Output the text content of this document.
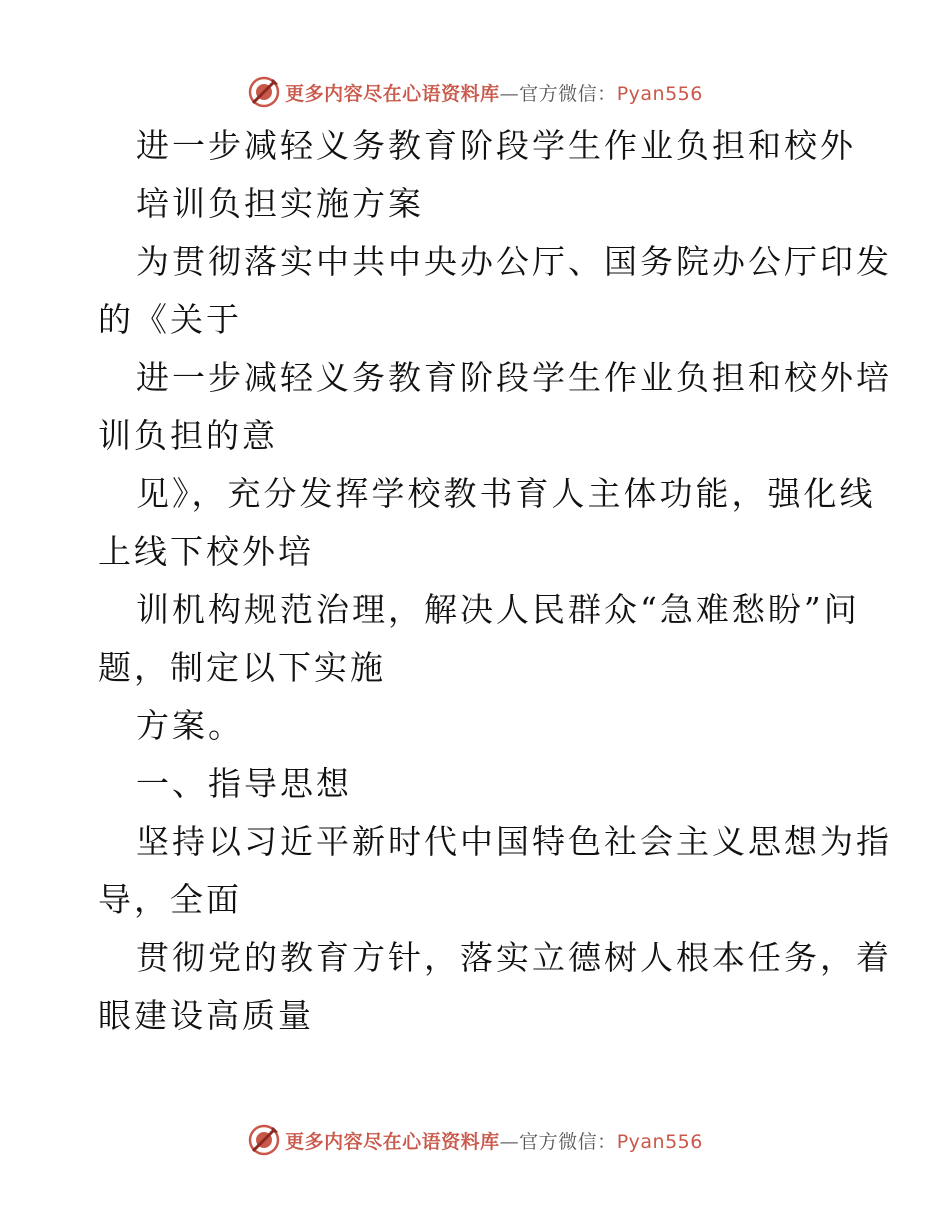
更多内容尽在心语资料库—官方微信：Pyan556
进一步减轻义务教育阶段学生作业负担和校外
培训负担实施方案
为贯彻落实中共中央办公厅、国务院办公厅印发
的《关于
进一步减轻义务教育阶段学生作业负担和校外培
训负担的意
见》，充分发挥学校教书育人主体功能，强化线
上线下校外培
训机构规范治理，解决人民群众“急难愁盼”问
题，制定以下实施
方案。
一、指导思想
坚持以习近平新时代中国特色社会主义思想为指
导，全面
贯彻党的教育方针，落实立德树人根本任务，着
眼建设高质量
更多内容尽在心语资料库—官方微信：Pyan556
